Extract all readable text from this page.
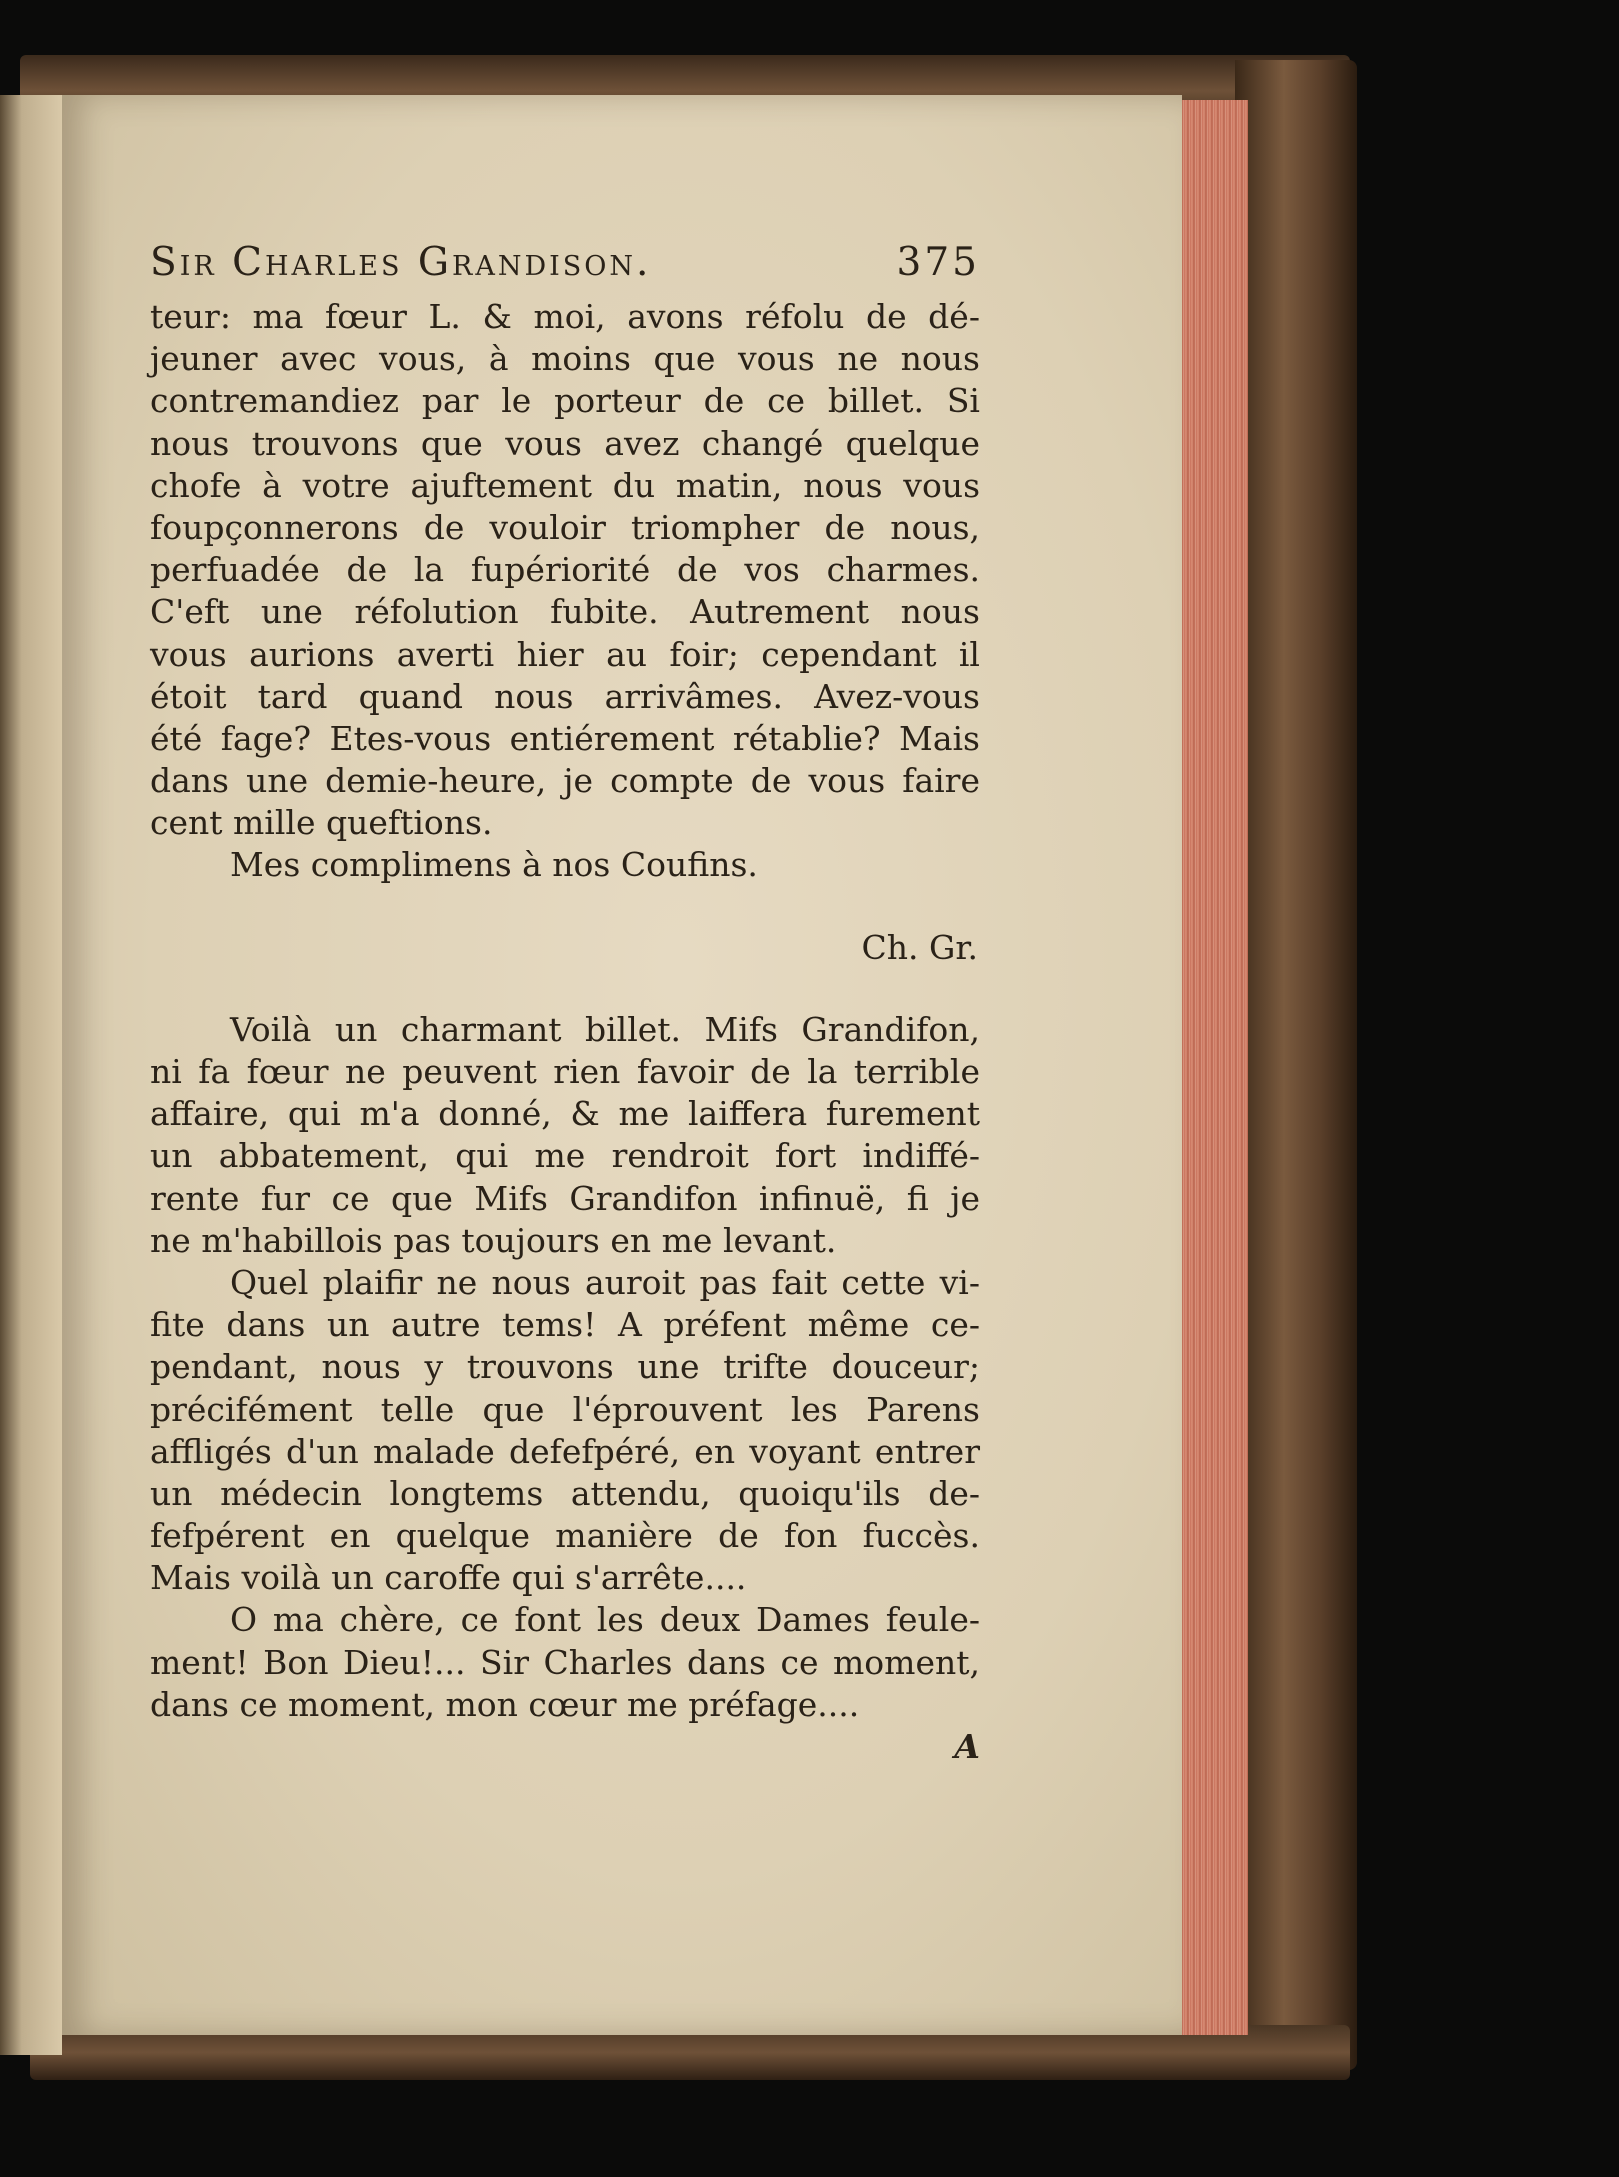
Sir Charles Grandison.	375
teur: ma fœur L. & moi, avons réfolu de dé-
jeuner avec vous, à moins que vous ne nous
contremandiez par le porteur de ce billet. Si
nous trouvons que vous avez changé quelque
chofe à votre ajuftement du matin, nous vous
foupçonnerons de vouloir triompher de nous,
perfuadée de la fupériorité de vos charmes.
C'eft une réfolution fubite. Autrement nous
vous aurions averti hier au foir; cependant il
étoit tard quand nous arrivâmes. Avez-vous
été fage? Etes-vous entiérement rétablie? Mais
dans une demie-heure, je compte de vous faire
cent mille queftions.
Mes complimens à nos Coufins.
Ch. Gr.
Voilà un charmant billet. Mifs Grandifon,
ni fa fœur ne peuvent rien favoir de la terrible
affaire, qui m'a donné, & me laiffera furement
un abbatement, qui me rendroit fort indiffé-
rente fur ce que Mifs Grandifon infinuë, fi je
ne m'habillois pas toujours en me levant.
Quel plaifir ne nous auroit pas fait cette vi-
fite dans un autre tems! A préfent même ce-
pendant, nous y trouvons une trifte douceur;
précifément telle que l'éprouvent les Parens
affligés d'un malade defefpéré, en voyant entrer
un médecin longtems attendu, quoiqu'ils de-
fefpérent en quelque manière de fon fuccès.
Mais voilà un caroffe qui s'arrête....
O ma chère, ce font les deux Dames feule-
ment! Bon Dieu!... Sir Charles dans ce moment,
dans ce moment, mon cœur me préfage....
A
